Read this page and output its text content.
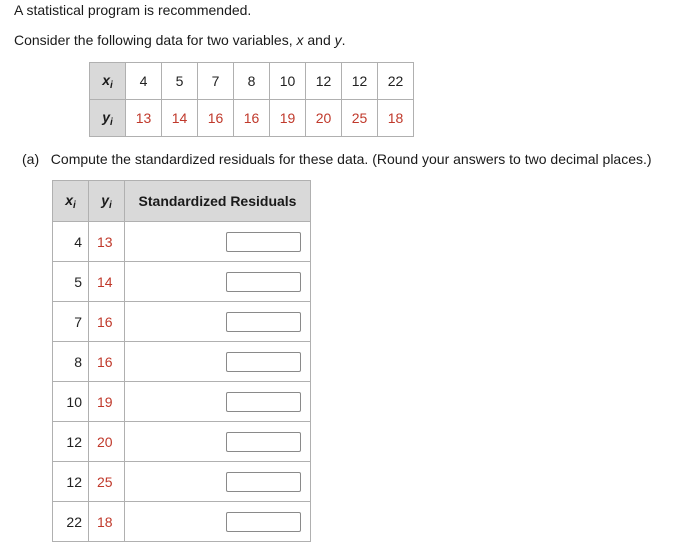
A statistical program is recommended.
Consider the following data for two variables, x and y.
$x_i$	4	5	7	8	10	12	12	22
$y_i$	13	14	16	16	19	20	25	18
(a) Compute the standardized residuals for these data. (Round your answers to two decimal places.)
$x_i$	$y_i$	Standardized Residuals
4	13	
5	14	
7	16	
8	16	
10	19	
12	20	
12	25	
22	18	
